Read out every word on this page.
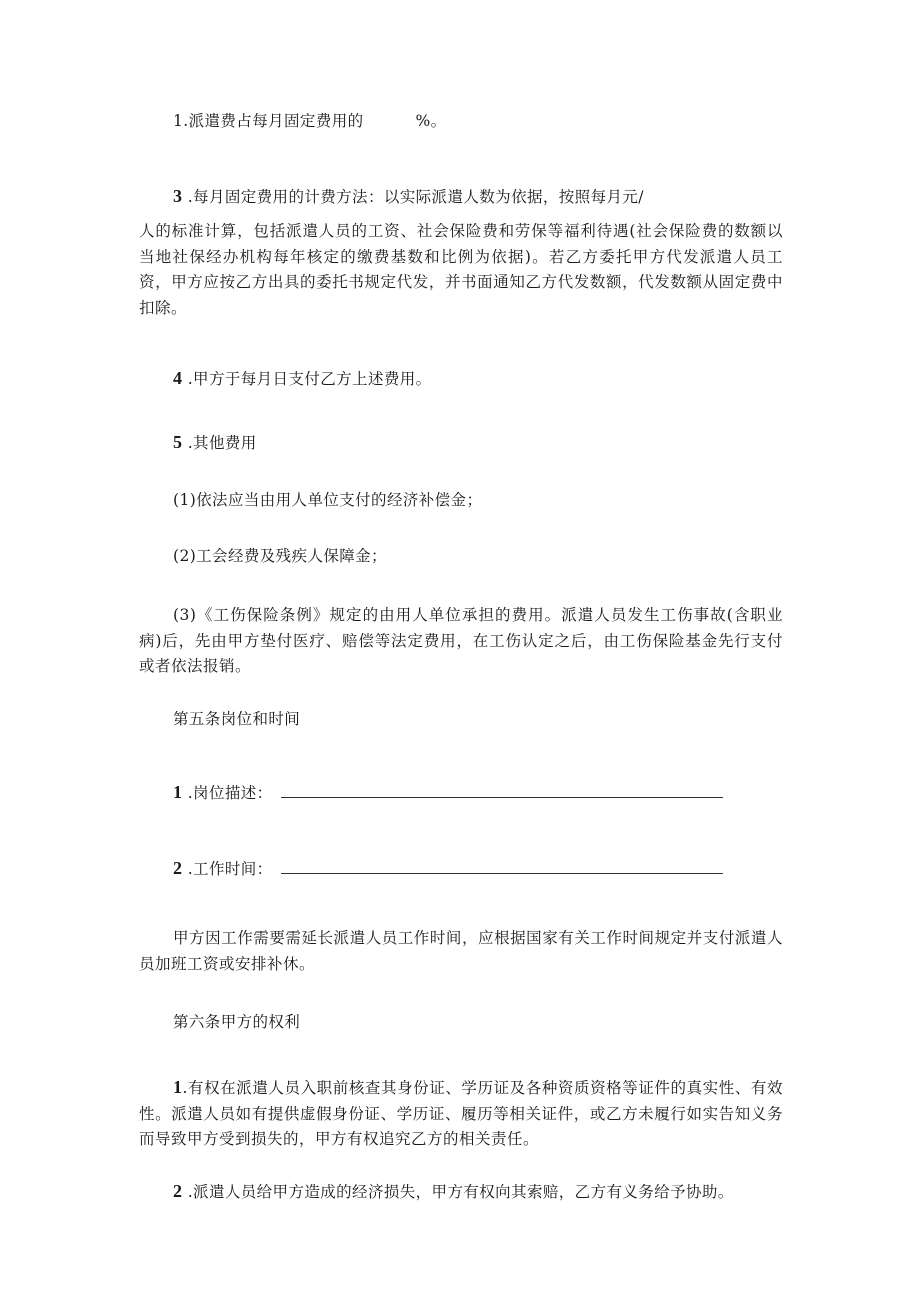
1.派遣费占每月固定费用的	%。
3 .每月固定费用的计费方法：以实际派遣人数为依据，按照每月元/
人的标准计算，包括派遣人员的工资、社会保险费和劳保等福利待遇(社会保险费的数额以当地社保经办机构每年核定的缴费基数和比例为依据)。若乙方委托甲方代发派遣人员工资，甲方应按乙方出具的委托书规定代发，并书面通知乙方代发数额，代发数额从固定费中扣除。
4 .甲方于每月日支付乙方上述费用。
5 .其他费用
(1)依法应当由用人单位支付的经济补偿金；
(2)工会经费及残疾人保障金；
(3)《工伤保险条例》规定的由用人单位承担的费用。派遣人员发生工伤事故(含职业病)后，先由甲方垫付医疗、赔偿等法定费用，在工伤认定之后，由工伤保险基金先行支付或者依法报销。
第五条岗位和时间
1 .岗位描述：
2 .工作时间：
甲方因工作需要需延长派遣人员工作时间，应根据国家有关工作时间规定并支付派遣人员加班工资或安排补休。
第六条甲方的权利
1.有权在派遣人员入职前核查其身份证、学历证及各种资质资格等证件的真实性、有效性。派遣人员如有提供虚假身份证、学历证、履历等相关证件，或乙方未履行如实告知义务而导致甲方受到损失的，甲方有权追究乙方的相关责任。
2 .派遣人员给甲方造成的经济损失，甲方有权向其索赔，乙方有义务给予协助。
